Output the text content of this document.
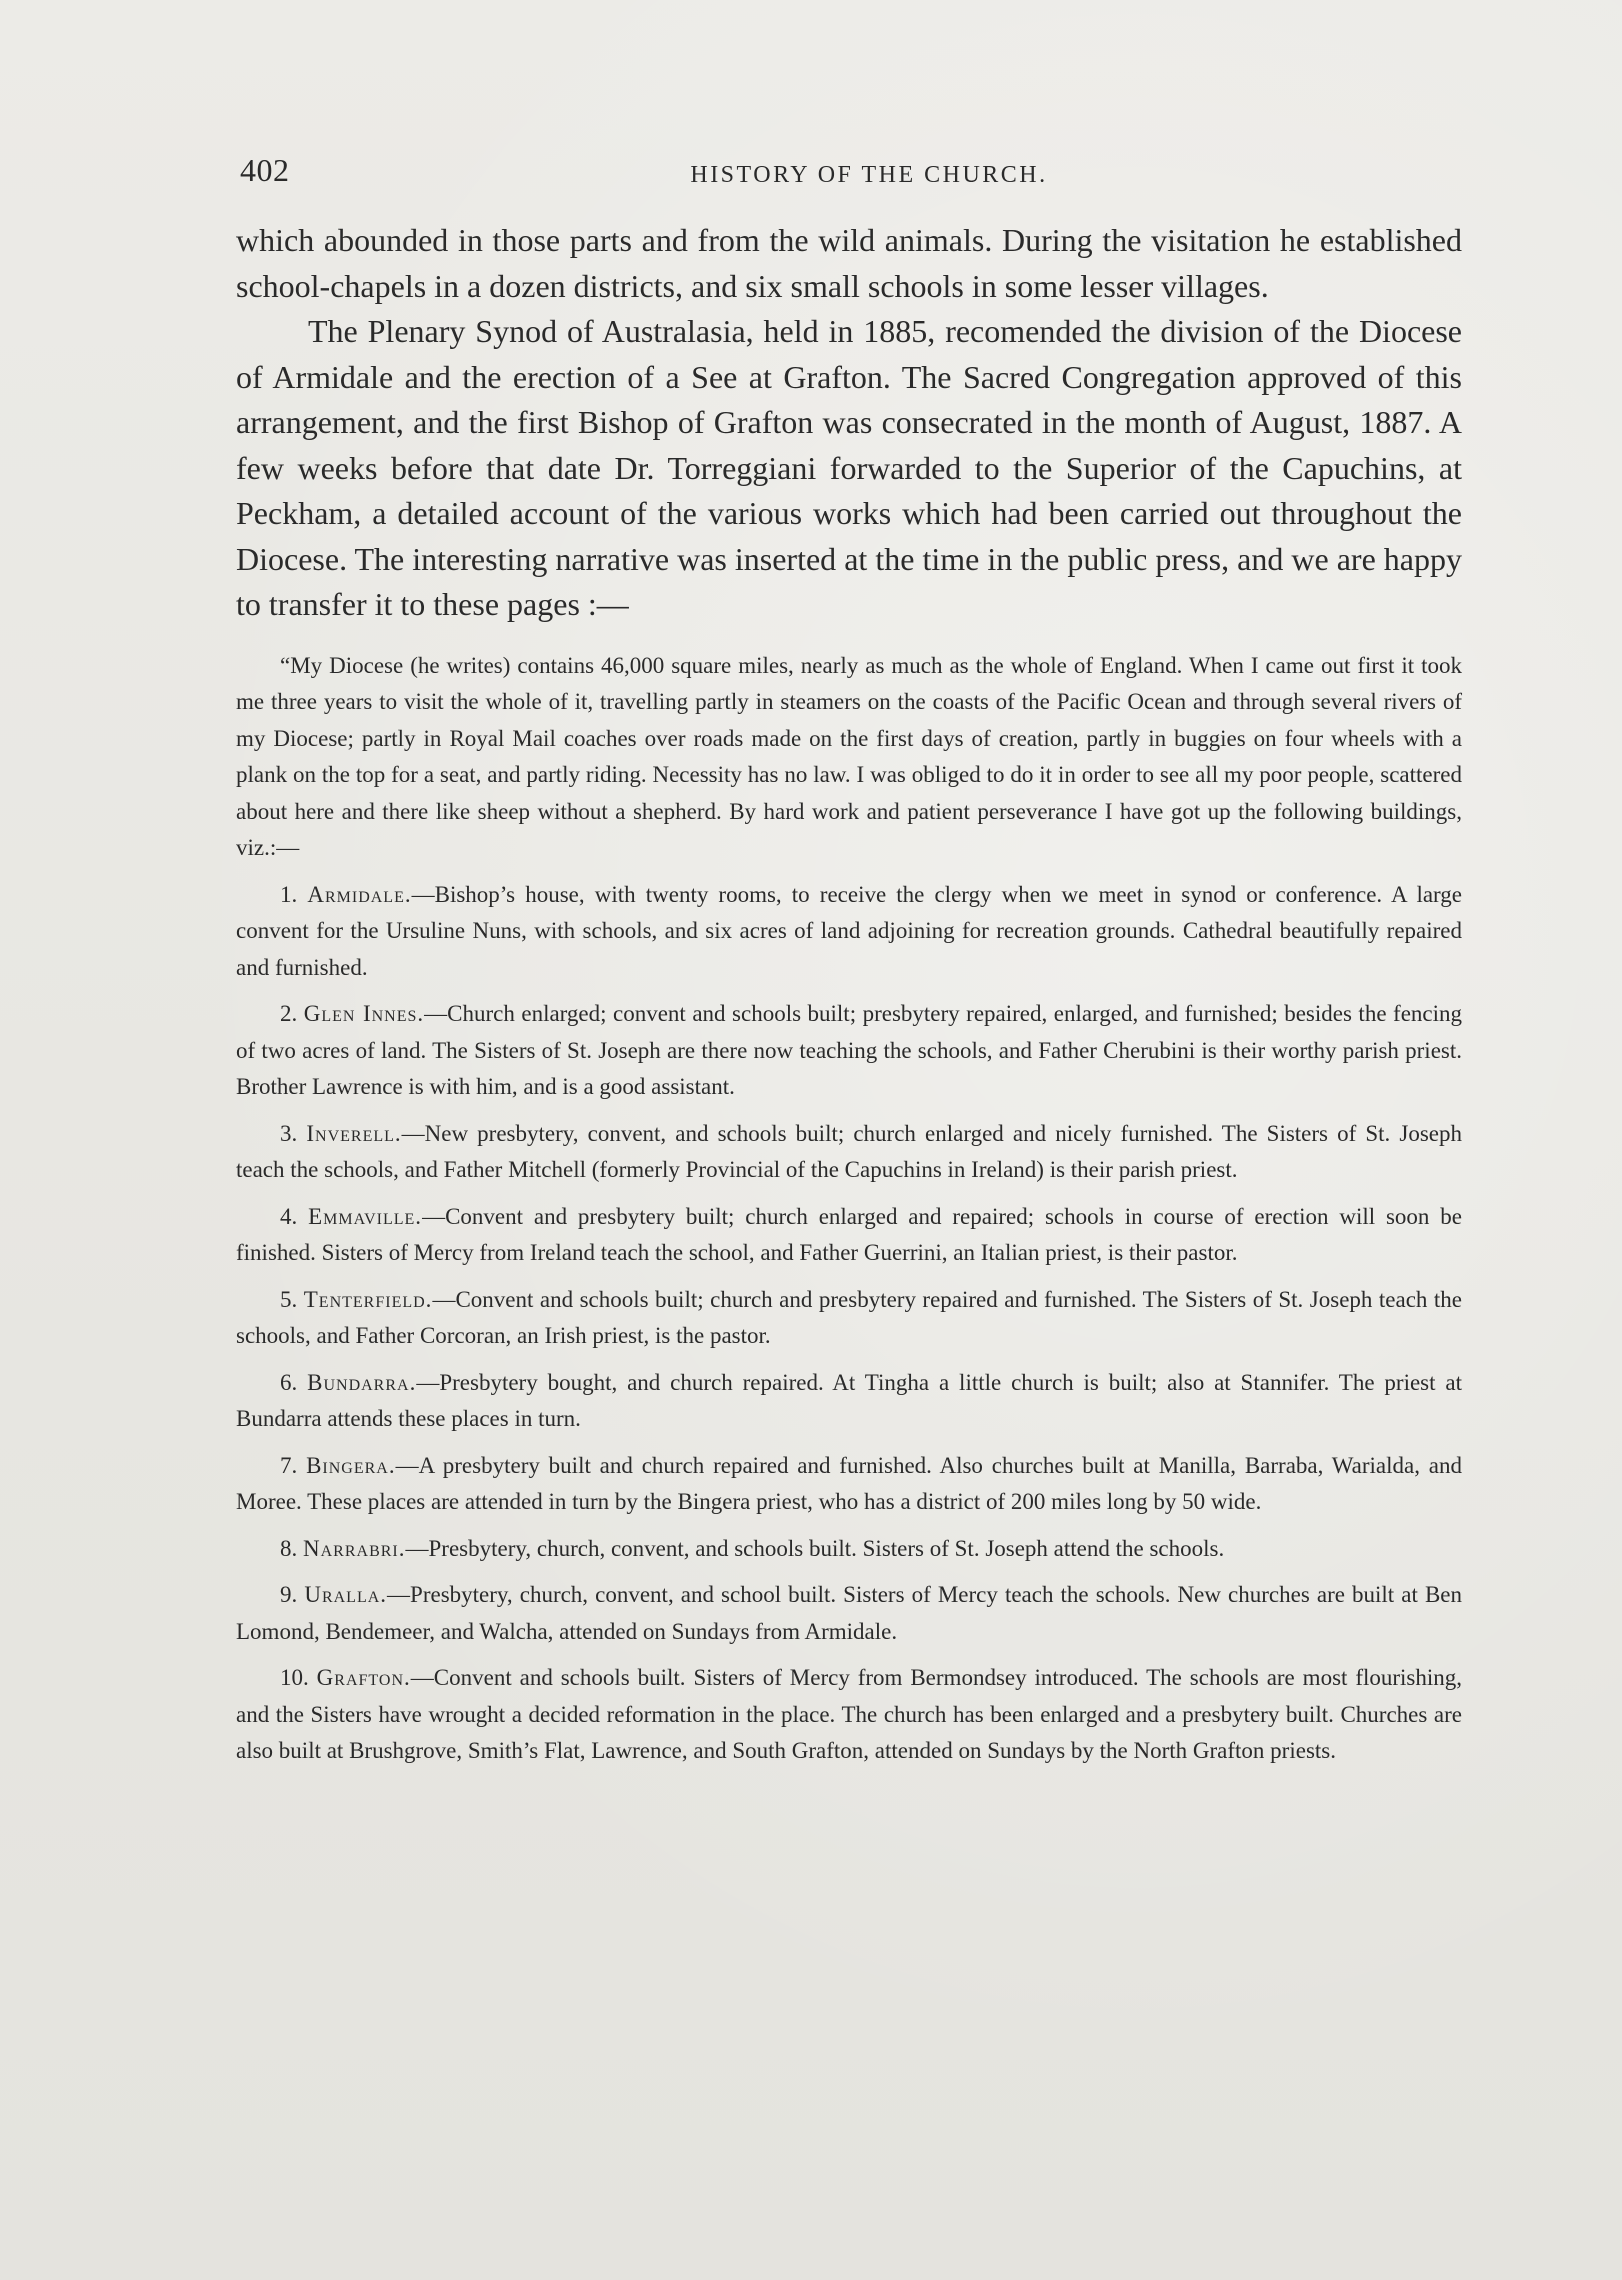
402	HISTORY OF THE CHURCH.

which abounded in those parts and from the wild animals. During the visitation he established school-chapels in a dozen districts, and six small schools in some lesser villages.

The Plenary Synod of Australasia, held in 1885, recomended the division of the Diocese of Armidale and the erection of a See at Grafton. The Sacred Congregation approved of this arrangement, and the first Bishop of Grafton was consecrated in the month of August, 1887. A few weeks before that date Dr. Torreggiani forwarded to the Superior of the Capuchins, at Peckham, a detailed account of the various works which had been carried out throughout the Diocese. The interesting narrative was inserted at the time in the public press, and we are happy to transfer it to these pages :—

“My Diocese (he writes) contains 46,000 square miles, nearly as much as the whole of England. When I came out first it took me three years to visit the whole of it, travelling partly in steamers on the coasts of the Pacific Ocean and through several rivers of my Diocese; partly in Royal Mail coaches over roads made on the first days of creation, partly in buggies on four wheels with a plank on the top for a seat, and partly riding. Necessity has no law. I was obliged to do it in order to see all my poor people, scattered about here and there like sheep without a shepherd. By hard work and patient perseverance I have got up the following buildings, viz.:—

1. Armidale.—Bishop’s house, with twenty rooms, to receive the clergy when we meet in synod or conference. A large convent for the Ursuline Nuns, with schools, and six acres of land adjoining for recreation grounds. Cathedral beautifully repaired and furnished.

2. Glen Innes.—Church enlarged; convent and schools built; presbytery repaired, enlarged, and furnished; besides the fencing of two acres of land. The Sisters of St. Joseph are there now teaching the schools, and Father Cherubini is their worthy parish priest. Brother Lawrence is with him, and is a good assistant.

3. Inverell.—New presbytery, convent, and schools built; church enlarged and nicely furnished. The Sisters of St. Joseph teach the schools, and Father Mitchell (formerly Provincial of the Capuchins in Ireland) is their parish priest.

4. Emmaville.—Convent and presbytery built; church enlarged and repaired; schools in course of erection will soon be finished. Sisters of Mercy from Ireland teach the school, and Father Guerrini, an Italian priest, is their pastor.

5. Tenterfield.—Convent and schools built; church and presbytery repaired and furnished. The Sisters of St. Joseph teach the schools, and Father Corcoran, an Irish priest, is the pastor.

6. Bundarra.—Presbytery bought, and church repaired. At Tingha a little church is built; also at Stannifer. The priest at Bundarra attends these places in turn.

7. Bingera.—A presbytery built and church repaired and furnished. Also churches built at Manilla, Barraba, Warialda, and Moree. These places are attended in turn by the Bingera priest, who has a district of 200 miles long by 50 wide.

8. Narrabri.—Presbytery, church, convent, and schools built. Sisters of St. Joseph attend the schools.

9. Uralla.—Presbytery, church, convent, and school built. Sisters of Mercy teach the schools. New churches are built at Ben Lomond, Bendemeer, and Walcha, attended on Sundays from Armidale.

10. Grafton.—Convent and schools built. Sisters of Mercy from Bermondsey introduced. The schools are most flourishing, and the Sisters have wrought a decided reformation in the place. The church has been enlarged and a presbytery built. Churches are also built at Brushgrove, Smith’s Flat, Lawrence, and South Grafton, attended on Sundays by the North Grafton priests.
